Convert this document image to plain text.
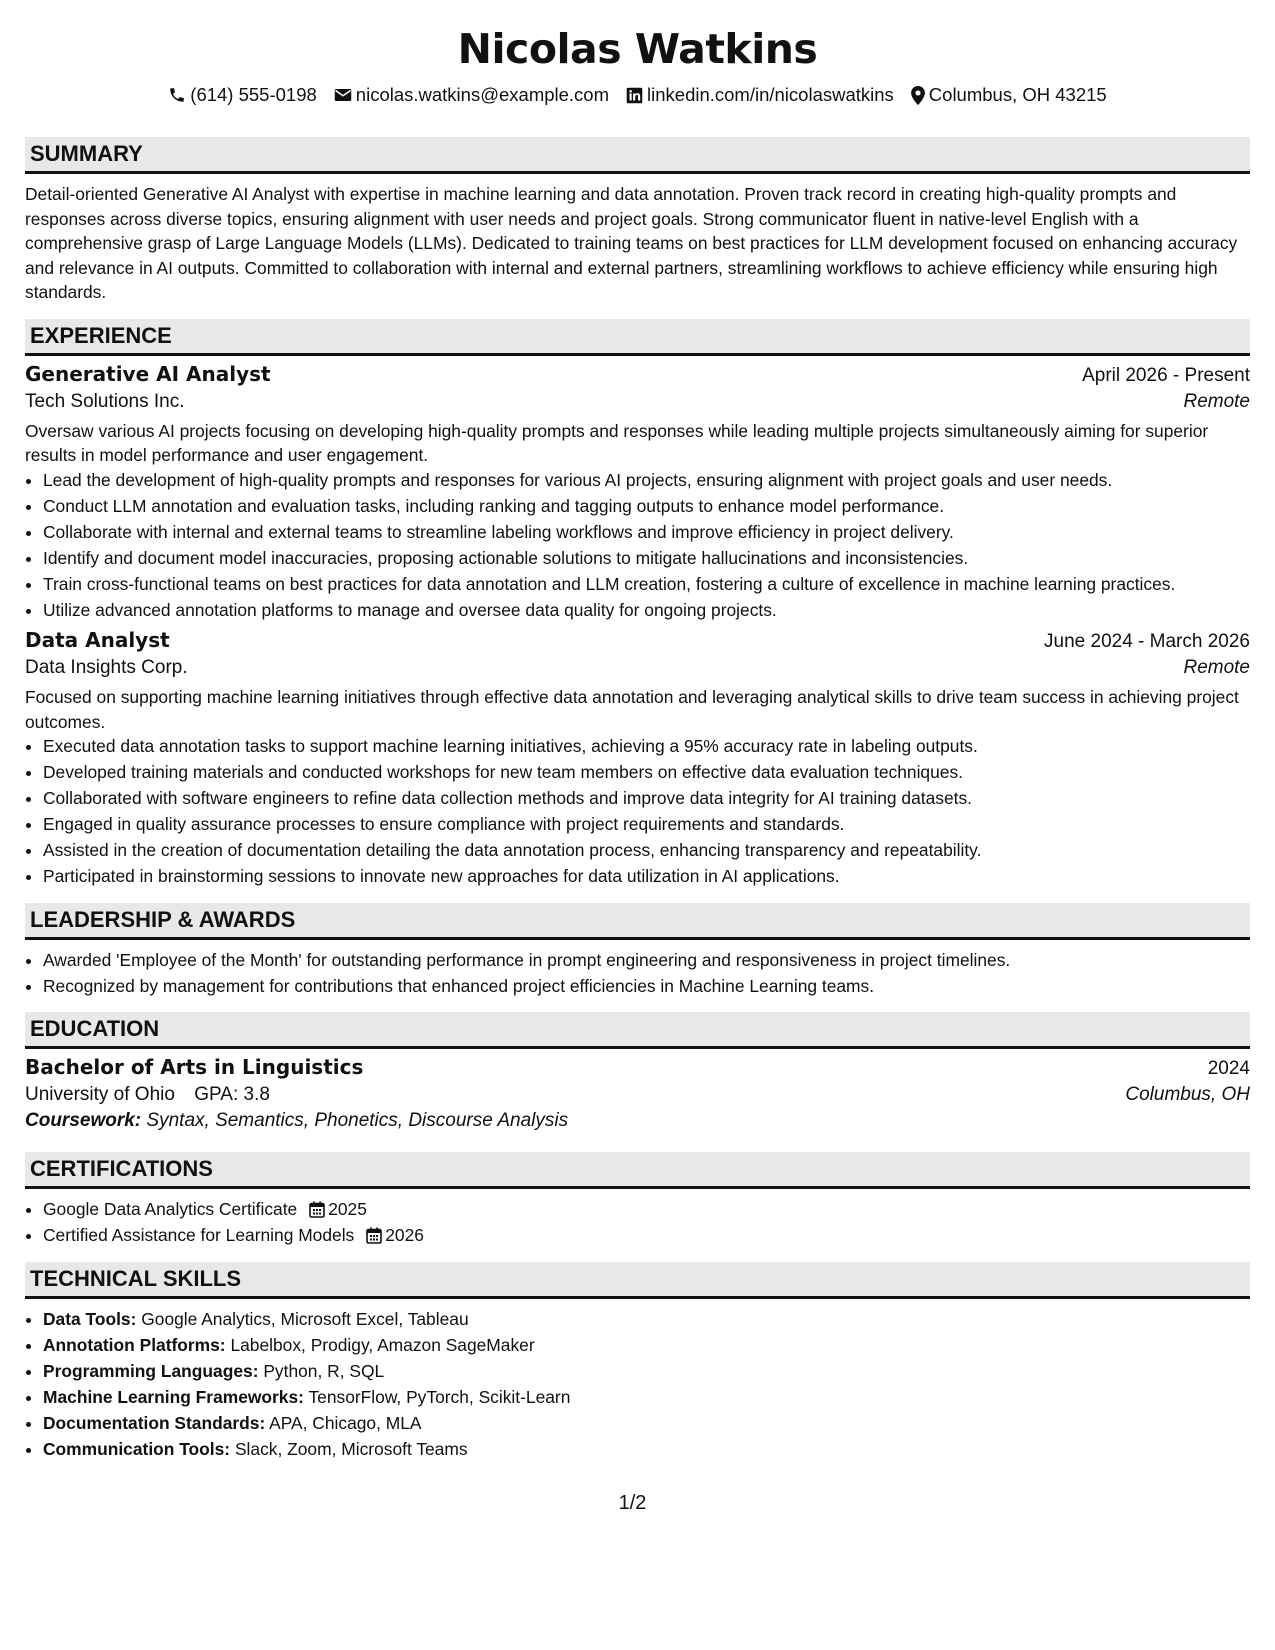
Nicolas Watkins
(614) 555-0198 nicolas.watkins@example.com linkedin.com/in/nicolaswatkins Columbus, OH 43215
SUMMARY
Detail-oriented Generative AI Analyst with expertise in machine learning and data annotation. Proven track record in creating high-quality prompts and responses across diverse topics, ensuring alignment with user needs and project goals. Strong communicator fluent in native-level English with a comprehensive grasp of Large Language Models (LLMs). Dedicated to training teams on best practices for LLM development focused on enhancing accuracy and relevance in AI outputs. Committed to collaboration with internal and external partners, streamlining workflows to achieve efficiency while ensuring high standards.
EXPERIENCE
Generative AI Analyst	April 2026 - Present
Tech Solutions Inc.	Remote
Oversaw various AI projects focusing on developing high-quality prompts and responses while leading multiple projects simultaneously aiming for superior results in model performance and user engagement.
• Lead the development of high-quality prompts and responses for various AI projects, ensuring alignment with project goals and user needs.
• Conduct LLM annotation and evaluation tasks, including ranking and tagging outputs to enhance model performance.
• Collaborate with internal and external teams to streamline labeling workflows and improve efficiency in project delivery.
• Identify and document model inaccuracies, proposing actionable solutions to mitigate hallucinations and inconsistencies.
• Train cross-functional teams on best practices for data annotation and LLM creation, fostering a culture of excellence in machine learning practices.
• Utilize advanced annotation platforms to manage and oversee data quality for ongoing projects.
Data Analyst	June 2024 - March 2026
Data Insights Corp.	Remote
Focused on supporting machine learning initiatives through effective data annotation and leveraging analytical skills to drive team success in achieving project outcomes.
• Executed data annotation tasks to support machine learning initiatives, achieving a 95% accuracy rate in labeling outputs.
• Developed training materials and conducted workshops for new team members on effective data evaluation techniques.
• Collaborated with software engineers to refine data collection methods and improve data integrity for AI training datasets.
• Engaged in quality assurance processes to ensure compliance with project requirements and standards.
• Assisted in the creation of documentation detailing the data annotation process, enhancing transparency and repeatability.
• Participated in brainstorming sessions to innovate new approaches for data utilization in AI applications.
LEADERSHIP & AWARDS
• Awarded 'Employee of the Month' for outstanding performance in prompt engineering and responsiveness in project timelines.
• Recognized by management for contributions that enhanced project efficiencies in Machine Learning teams.
EDUCATION
Bachelor of Arts in Linguistics	2024
University of Ohio GPA: 3.8	Columbus, OH
Coursework: Syntax, Semantics, Phonetics, Discourse Analysis
CERTIFICATIONS
• Google Data Analytics Certificate 2025
• Certified Assistance for Learning Models 2026
TECHNICAL SKILLS
• Data Tools: Google Analytics, Microsoft Excel, Tableau
• Annotation Platforms: Labelbox, Prodigy, Amazon SageMaker
• Programming Languages: Python, R, SQL
• Machine Learning Frameworks: TensorFlow, PyTorch, Scikit-Learn
• Documentation Standards: APA, Chicago, MLA
• Communication Tools: Slack, Zoom, Microsoft Teams
1/2
